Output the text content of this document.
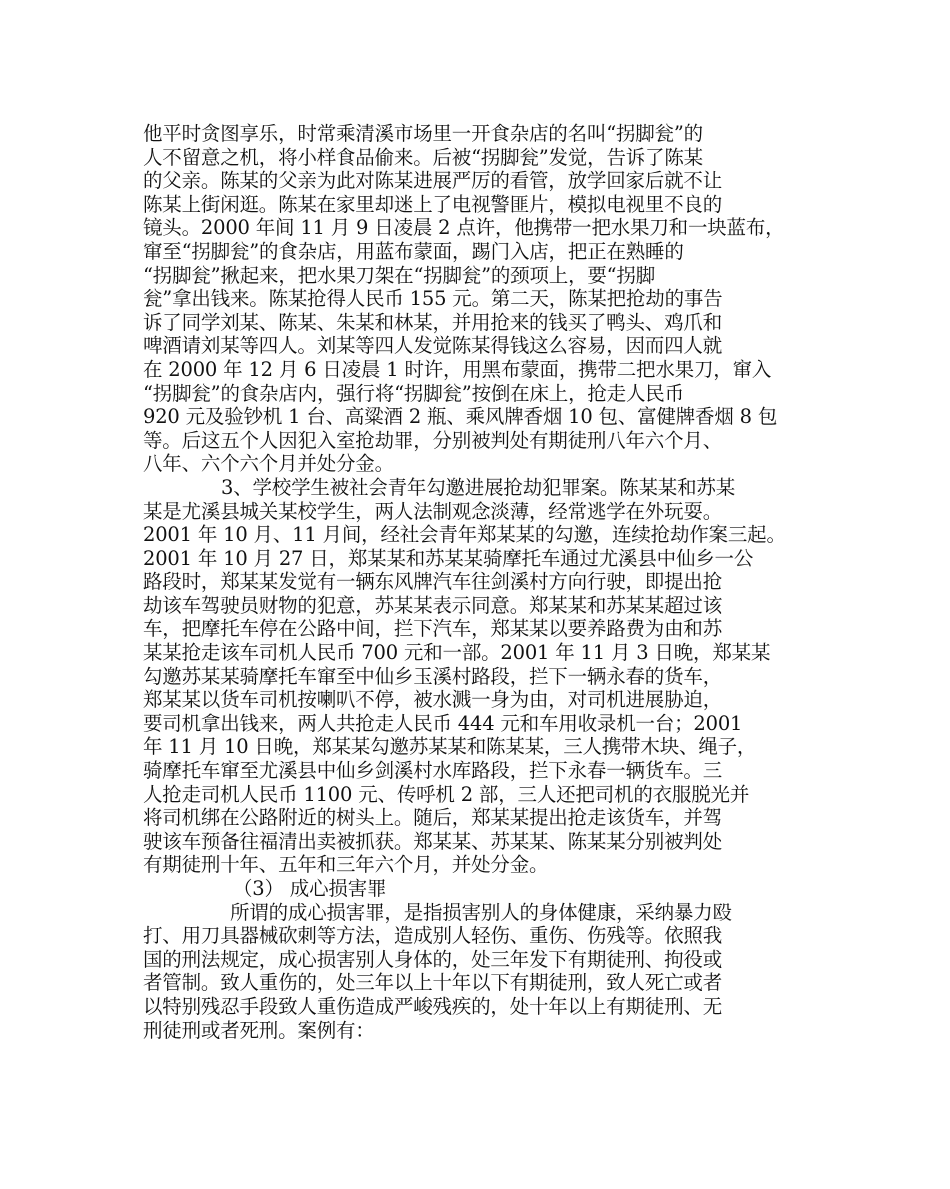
他平时贪图享乐，时常乘清溪市场里一开食杂店的名叫“拐脚瓮”的
人不留意之机，将小样食品偷来。后被“拐脚瓮”发觉，告诉了陈某
的父亲。陈某的父亲为此对陈某进展严厉的看管，放学回家后就不让
陈某上街闲逛。陈某在家里却迷上了电视警匪片，模拟电视里不良的
镜头。2000 年间 11 月 9 日凌晨 2 点许，他携带一把水果刀和一块蓝布，
窜至“拐脚瓮”的食杂店，用蓝布蒙面，踢门入店，把正在熟睡的
“拐脚瓮”揪起来，把水果刀架在“拐脚瓮”的颈项上，要“拐脚
瓮”拿出钱来。陈某抢得人民币 155 元。第二天，陈某把抢劫的事告
诉了同学刘某、陈某、朱某和林某，并用抢来的钱买了鸭头、鸡爪和
啤酒请刘某等四人。刘某等四人发觉陈某得钱这么容易，因而四人就
在 2000 年 12 月 6 日凌晨 1 时许，用黑布蒙面，携带二把水果刀，窜入
“拐脚瓮”的食杂店内，强行将“拐脚瓮”按倒在床上，抢走人民币
920 元及验钞机 1 台、高粱酒 2 瓶、乘风牌香烟 10 包、富健牌香烟 8 包
等。后这五个人因犯入室抢劫罪，分别被判处有期徒刑八年六个月、
八年、六个六个月并处分金。
3、学校学生被社会青年勾邀进展抢劫犯罪案。陈某某和苏某
某是尤溪县城关某校学生，两人法制观念淡薄，经常逃学在外玩耍。
2001 年 10 月、11 月间，经社会青年郑某某的勾邀，连续抢劫作案三起。
2001 年 10 月 27 日，郑某某和苏某某骑摩托车通过尤溪县中仙乡一公
路段时，郑某某发觉有一辆东风牌汽车往剑溪村方向行驶，即提出抢
劫该车驾驶员财物的犯意，苏某某表示同意。郑某某和苏某某超过该
车，把摩托车停在公路中间，拦下汽车，郑某某以要养路费为由和苏
某某抢走该车司机人民币 700 元和一部。2001 年 11 月 3 日晚，郑某某
勾邀苏某某骑摩托车窜至中仙乡玉溪村路段，拦下一辆永春的货车，
郑某某以货车司机按喇叭不停，被水溅一身为由，对司机进展胁迫，
要司机拿出钱来，两人共抢走人民币 444 元和车用收录机一台；2001
年 11 月 10 日晚，郑某某勾邀苏某某和陈某某，三人携带木块、绳子，
骑摩托车窜至尤溪县中仙乡剑溪村水库路段，拦下永春一辆货车。三
人抢走司机人民币 1100 元、传呼机 2 部，三人还把司机的衣服脱光并
将司机绑在公路附近的树头上。随后，郑某某提出抢走该货车，并驾
驶该车预备往福清出卖被抓获。郑某某、苏某某、陈某某分别被判处
有期徒刑十年、五年和三年六个月，并处分金。
（3） 成心损害罪
所谓的成心损害罪，是指损害别人的身体健康，采纳暴力殴
打、用刀具器械砍刺等方法，造成别人轻伤、重伤、伤残等。依照我
国的刑法规定，成心损害别人身体的，处三年发下有期徒刑、拘役或
者管制。致人重伤的，处三年以上十年以下有期徒刑，致人死亡或者
以特别残忍手段致人重伤造成严峻残疾的，处十年以上有期徒刑、无
刑徒刑或者死刑。案例有：
